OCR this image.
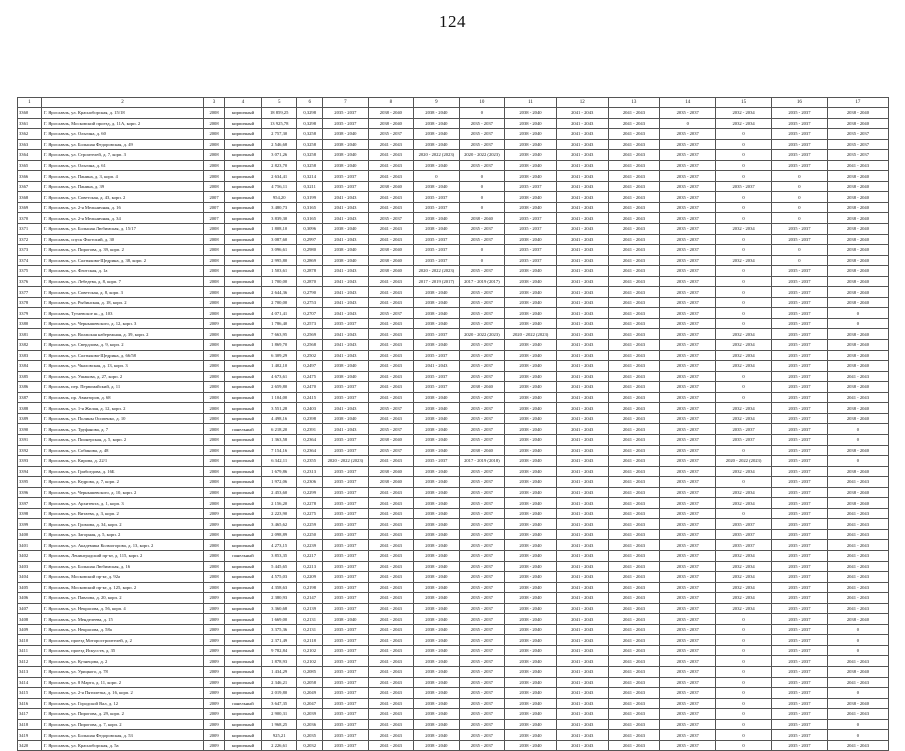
124
1	2	3	4	5	6	7	8	9	10	11	12	13	14	15	16	17
3360	Г. Ярославль, ул. Красноборская, д. 15/18	2008	кирпичный	18 859,25	0,3298	2035 - 2037	2038 - 2040	2038 - 2040	0	2038 - 2040	2041 - 2043	2041 - 2043	2035 - 2037	2032 - 2034	2035 - 2037	2038 - 2040
3361	Г. Ярославль, Московский проезд, д. 11А, корп. 2	2008	кирпичный	13 925,78	0,3298	2035 - 2037	2038 - 2040	2038 - 2040	2035 - 2037	2038 - 2040	2041 - 2043	2041 - 2043	0	2032 - 2034	2035 - 2037	2038 - 2040
3362	Г. Ярославль, ул. Ольгина, д. 60	2008	кирпичный	2 757,30	0,3258	2038 - 2040	2035 - 2037	2038 - 2040	2035 - 2037	2038 - 2040	2041 - 2043	2041 - 2043	2035 - 2037	0	2035 - 2037	2035 - 2037
3363	Г. Ярославль, ул. Большая Федоровская, д. 49	2008	кирпичный	2 546,68	0,3258	2038 - 2040	2041 - 2043	2038 - 2040	2035 - 2037	2038 - 2040	2041 - 2043	2041 - 2043	2035 - 2037	0	2035 - 2037	2035 - 2037
3364	Г. Ярославль, ул. Строителей, д. 7, корп. 3	2008	кирпичный	3 071,26	0,3258	2038 - 2040	2041 - 2043	2020 - 2022 (2023)	2020 - 2022 (2023)	2038 - 2040	2041 - 2043	2041 - 2043	2035 - 2037	0	2035 - 2037	2035 - 2037
3365	Г. Ярославль, ул. Ольгина, д. 61	2008	кирпичный	2 823,70	0,3258	2038 - 2040	2041 - 2043	2038 - 2040	2035 - 2037	2038 - 2040	2041 - 2043	2041 - 2043	2035 - 2037	0	2035 - 2037	2041 - 2043
3366	Г. Ярославль, ул. Панина, д. 3, корп. 4	2008	кирпичный	2 634,41	0,3214	2035 - 2037	2041 - 2043	0	0	2038 - 2040	2041 - 2043	2041 - 2043	2035 - 2037	0	0	2038 - 2040
3367	Г. Ярославль, ул. Панина, д. 39	2008	кирпичный	4 756,11	0,3211	2035 - 2037	2038 - 2040	2038 - 2040	0	2035 - 2037	2041 - 2043	2041 - 2043	2035 - 2037	2035 - 2037	0	2038 - 2040
3368	Г. Ярославль, ул. Советская, д. 43, корп. 2	2007	кирпичный	954,20	0,3199	2041 - 2043	2041 - 2043	2035 - 2037	0	2038 - 2040	2041 - 2043	2041 - 2043	2035 - 2037	0	0	2038 - 2040
3369	Г. Ярославль, ул. 2-я Мельничная, д. 16	2007	кирпичный	3 480,73	0,3165	2041 - 2043	2041 - 2043	2035 - 2037	0	2038 - 2040	2041 - 2043	2041 - 2043	2035 - 2037	0	0	2038 - 2040
3370	Г. Ярославль, ул. 2-я Мельничная, д. 34	2007	кирпичный	3 839,30	0,3165	2041 - 2043	2035 - 2037	2038 - 2040	2038 - 2040	2035 - 2037	2041 - 2043	2041 - 2043	2035 - 2037	0	0	2038 - 2040
3371	Г. Ярославль, ул. Большая Любимская, д. 15/17	2008	кирпичный	1 808,10	0,3096	2038 - 2040	2041 - 2043	2038 - 2040	2035 - 2037	2035 - 2037	2041 - 2043	2041 - 2043	2035 - 2037	2032 - 2034	2035 - 2037	2038 - 2040
3372	Г. Ярославль, спуск Флотский, д. 30	2008	кирпичный	3 087,60	0,2997	2041 - 2043	2041 - 2043	2035 - 2037	2035 - 2037	2038 - 2040	2041 - 2043	2041 - 2043	2035 - 2037	0	2035 - 2037	2038 - 2040
3373	Г. Ярославль, ул. Пирогова, д. 39, корп. 2	2008	кирпичный	3 096,61	0,2980	2038 - 2040	2038 - 2040	2035 - 2037	0	2035 - 2037	2041 - 2043	2041 - 2043	2035 - 2037	0	0	2038 - 2040
3374	Г. Ярославль, ул. Салтыкова-Щедрина, д. 38, корп. 2	2008	кирпичный	2 995,80	0,2869	2038 - 2040	2038 - 2040	2035 - 2037	0	2035 - 2037	2041 - 2043	2041 - 2043	2035 - 2037	2032 - 2034	0	2038 - 2040
3375	Г. Ярославль, ул. Флотская, д. 1а	2008	кирпичный	1 503,61	0,2878	2041 - 2043	2038 - 2040	2020 - 2022 (2023)	2035 - 2037	2038 - 2040	2041 - 2043	2041 - 2043	2035 - 2037	0	2035 - 2037	2038 - 2040
3376	Г. Ярославль, ул. Лебедева, д. 8, корп. 7	2008	кирпичный	1 700,00	0,2870	2041 - 2043	2041 - 2043	2017 - 2019 (2017)	2017 - 2019 (2017)	2038 - 2040	2041 - 2043	2041 - 2043	2035 - 2037	0	2035 - 2037	2038 - 2040
3377	Г. Ярославль, ул. Советская, д. 8, корп. 3	2008	кирпичный	2 644,36	0,2790	2041 - 2043	2041 - 2043	2038 - 2040	2035 - 2037	2038 - 2040	2041 - 2043	2041 - 2043	2035 - 2037	0	2035 - 2037	2038 - 2040
3378	Г. Ярославль, ул. Рыбинская, д. 18, корп. 2	2008	кирпичный	2 700,00	0,2753	2041 - 2043	2041 - 2043	2038 - 2040	2035 - 2037	2038 - 2040	2041 - 2043	2041 - 2043	2035 - 2037	0	2035 - 2037	2038 - 2040
3379	Г. Ярославль, Тутаевское ш., д. 103	2008	кирпичный	4 071,41	0,2707	2041 - 2043	2035 - 2037	2038 - 2040	2035 - 2037	2038 - 2040	2041 - 2043	2041 - 2043	2035 - 2037	0	2035 - 2037	0
3380	Г. Ярославль, ул. Чернышевского, д. 12, корп. 3	2009	кирпичный	1 786,40	0,2573	2035 - 2037	2041 - 2043	2038 - 2040	2035 - 2037	2038 - 2040	2041 - 2043	2041 - 2043	2035 - 2037	0	2035 - 2037	0
3381	Г. Ярославль, ул. Волжская набережная, д. 39, корп. 2	2008	кирпичный	7 663,95	0,2569	2041 - 2043	2041 - 2043	2035 - 2037	2020 - 2022 (2023)	2020 - 2022 (2023)	2041 - 2043	2041 - 2043	2035 - 2037	2032 - 2034	2035 - 2037	2038 - 2040
3382	Г. Ярославль, ул. Свердлова, д. 9, корп. 2	2008	кирпичный	1 869,70	0,2568	2041 - 2043	2041 - 2043	2038 - 2040	2035 - 2037	2038 - 2040	2041 - 2043	2041 - 2043	2035 - 2037	2032 - 2034	2035 - 2037	2038 - 2040
3383	Г. Ярославль, ул. Салтыкова-Щедрина, д. 66/58	2008	кирпичный	6 309,29	0,2502	2041 - 2043	2041 - 2043	2035 - 2037	2035 - 2037	2038 - 2040	2041 - 2043	2041 - 2043	2035 - 2037	2032 - 2034	2035 - 2037	2038 - 2040
3384	Г. Ярославль, ул. Чкаловская, д. 13, корп. 3	2008	кирпичный	1 402,10	0,2497	2038 - 2040	2041 - 2043	2041 - 2043	2035 - 2037	2038 - 2040	2041 - 2043	2041 - 2043	2035 - 2037	2032 - 2034	2035 - 2037	2038 - 2040
3385	Г. Ярославль, ул. Ушакова, д. 27, корп. 2	2008	кирпичный	4 673,61	0,2475	2038 - 2040	2041 - 2043	2035 - 2037	2035 - 2037	2038 - 2040	2041 - 2043	2041 - 2043	2035 - 2037	0	2035 - 2037	2041 - 2043
3386	Г. Ярославль, пер. Первомайский, д. 11	2008	кирпичный	2 659,80	0,2470	2035 - 2037	2041 - 2043	2035 - 2037	2038 - 2040	2038 - 2040	2041 - 2043	2041 - 2043	2035 - 2037	0	2035 - 2037	2038 - 2040
3387	Г. Ярославль, пр. Авиаторов, д. 68	2008	кирпичный	1 104,00	0,2415	2035 - 2037	2041 - 2043	2038 - 2040	2035 - 2037	2038 - 2040	2041 - 2043	2041 - 2043	2035 - 2037	0	2035 - 2037	2041 - 2043
3388	Г. Ярославль, ул. 1-я Жилая, д. 12, корп. 2	2008	кирпичный	3 551,28	0,2403	2041 - 2043	2035 - 2037	2038 - 2040	2035 - 2037	2038 - 2040	2041 - 2043	2041 - 2043	2035 - 2037	2032 - 2034	2035 - 2037	2038 - 2040
3389	Г. Ярославль, ул. Полины Осипенко, д. 10	2008	кирпичный	4 498,16	0,2398	2038 - 2040	2041 - 2043	2038 - 2040	2035 - 2037	2038 - 2040	2041 - 2043	2041 - 2043	2035 - 2037	2032 - 2034	2035 - 2037	2038 - 2040
3390	Г. Ярославль, ул. Труфанова, д. 7	2008	панельный	6 218,20	0,2391	2041 - 2043	2035 - 2037	2038 - 2040	2035 - 2037	2038 - 2040	2041 - 2043	2041 - 2043	2035 - 2037	2035 - 2037	2035 - 2037	0
3391	Г. Ярославль, ул. Пионерская, д. 5, корп. 2	2008	кирпичный	1 363,58	0,2364	2035 - 2037	2038 - 2040	2038 - 2040	2035 - 2037	2038 - 2040	2041 - 2043	2041 - 2043	2035 - 2037	2035 - 2037	2035 - 2037	0
3392	Г. Ярославль, ул. Собинова, д. 48	2008	кирпичный	7 154,16	0,2364	2035 - 2037	2035 - 2037	2038 - 2040	2038 - 2040	2038 - 2040	2041 - 2043	2041 - 2043	2035 - 2037	0	2035 - 2037	2038 - 2040
3393	Г. Ярославль, ул. Кирова, д. 22/1	2008	кирпичный	6 342,11	0,2355	2020 - 2022 (2023)	2041 - 2043	2035 - 2037	2017 - 2019 (2018)	2038 - 2040	2041 - 2043	2041 - 2043	2035 - 2037	2020 - 2022 (2023)	2035 - 2037	0
3394	Г. Ярославль, ул. Грибоедова, д. 16Б	2008	кирпичный	1 679,86	0,2313	2035 - 2037	2038 - 2040	2038 - 2040	2035 - 2037	2038 - 2040	2041 - 2043	2041 - 2043	2035 - 2037	2032 - 2034	2035 - 2037	2038 - 2040
3395	Г. Ярославль, ул. Кедрова, д. 7, корп. 2	2008	кирпичный	1 972,06	0,2306	2035 - 2037	2038 - 2040	2038 - 2040	2035 - 2037	2038 - 2040	2041 - 2043	2041 - 2043	2035 - 2037	0	2035 - 2037	2041 - 2043
3396	Г. Ярославль, ул. Чернышевского, д. 10, корп. 2	2008	кирпичный	2 453,60	0,2299	2035 - 2037	2041 - 2043	2038 - 2040	2035 - 2037	2038 - 2040	2041 - 2043	2041 - 2043	2035 - 2037	2032 - 2034	2035 - 2037	2038 - 2040
3397	Г. Ярославль, ул. Архитекта, д. 1, корп. 3	2008	кирпичный	2 156,20	0,2278	2035 - 2037	2041 - 2043	2038 - 2040	2035 - 2037	2038 - 2040	2041 - 2043	2041 - 2043	2035 - 2037	2032 - 2034	2035 - 2037	2038 - 2040
3398	Г. Ярославль, ул. Витаева, д. 3, корп. 2	2009	кирпичный	2 223,90	0,2275	2035 - 2037	2041 - 2043	2038 - 2040	2035 - 2037	2038 - 2040	2041 - 2043	2041 - 2043	2035 - 2037	0	2035 - 2037	2041 - 2043
3399	Г. Ярославль, ул. Громова, д. 34, корп. 2	2009	кирпичный	3 465,62	0,2259	2035 - 2037	2041 - 2043	2038 - 2040	2035 - 2037	2038 - 2040	2041 - 2043	2041 - 2043	2035 - 2037	2035 - 2037	2035 - 2037	2041 - 2043
3400	Г. Ярославль, ул. Загорная, д. 5, корп. 2	2008	кирпичный	2 098,89	0,2250	2035 - 2037	2041 - 2043	2038 - 2040	2035 - 2037	2038 - 2040	2041 - 2043	2041 - 2043	2035 - 2037	2035 - 2037	2035 - 2037	2041 - 2043
3401	Г. Ярославль, ул. Академика Колмогорова, д. 13, корп. 2	2008	кирпичный	4 273,15	0,2239	2035 - 2037	2041 - 2043	2038 - 2040	2035 - 2037	2038 - 2040	2041 - 2043	2041 - 2043	2035 - 2037	2035 - 2037	2035 - 2037	2041 - 2043
3402	Г. Ярославль, Ленинградский пр-кт, д. 115, корп. 2	2008	панельный	3 853,35	0,2217	2035 - 2037	2041 - 2043	2038 - 2040	2035 - 2037	2038 - 2040	2041 - 2043	2041 - 2043	2035 - 2037	2032 - 2034	2035 - 2037	2041 - 2043
3403	Г. Ярославль, ул. Большая Любимская, д. 16	2008	кирпичный	5 445,65	0,2213	2035 - 2037	2041 - 2043	2038 - 2040	2035 - 2037	2038 - 2040	2041 - 2043	2041 - 2043	2035 - 2037	2032 - 2034	2035 - 2037	2041 - 2043
3404	Г. Ярославль, Московский пр-кт, д. 92а	2008	кирпичный	4 575,03	0,2209	2035 - 2037	2041 - 2043	2038 - 2040	2035 - 2037	2038 - 2040	2041 - 2043	2041 - 2043	2035 - 2037	2032 - 2034	2035 - 2037	2041 - 2043
3405	Г. Ярославль, Московский пр-кт, д. 125, корп. 2	2008	кирпичный	4 358,63	0,2198	2035 - 2037	2041 - 2043	2038 - 2040	2035 - 2037	2038 - 2040	2041 - 2043	2041 - 2043	2035 - 2037	2032 - 2034	2035 - 2037	2041 - 2043
3406	Г. Ярославль, ул. Павлова, д. 20, корп. 2	2009	кирпичный	2 380,93	0,2147	2035 - 2037	2041 - 2043	2038 - 2040	2035 - 2037	2038 - 2040	2041 - 2043	2041 - 2043	2035 - 2037	2032 - 2034	2035 - 2037	2041 - 2043
3407	Г. Ярославль, ул. Некрасова, д. 56, корп. 4	2009	кирпичный	3 360,68	0,2139	2035 - 2037	2041 - 2043	2038 - 2040	2035 - 2037	2038 - 2040	2041 - 2043	2041 - 2043	2035 - 2037	2032 - 2034	2035 - 2037	2041 - 2043
3408	Г. Ярославль, ул. Менделеева, д. 15	2009	кирпичный	1 669,00	0,2131	2038 - 2040	2041 - 2043	2038 - 2040	2035 - 2037	2038 - 2040	2041 - 2043	2041 - 2043	2035 - 2037	0	2035 - 2037	2038 - 2040
3409	Г. Ярославль, ул. Некрасова, д. 58а	2009	кирпичный	3 375,36	0,2131	2035 - 2037	2041 - 2043	2038 - 2040	2035 - 2037	2038 - 2040	2041 - 2043	2041 - 2043	2035 - 2037	0	2035 - 2037	0
3410	Г. Ярославль, проезд Моторостроителей, д. 2	2009	кирпичный	2 371,49	0,2118	2035 - 2037	2041 - 2043	2038 - 2040	2035 - 2037	2038 - 2040	2041 - 2043	2041 - 2043	2035 - 2037	0	2035 - 2037	0
3411	Г. Ярославль, проезд Искусств, д. 35	2009	кирпичный	9 782,84	0,2102	2035 - 2037	2041 - 2043	2038 - 2040	2035 - 2037	2038 - 2040	2041 - 2043	2041 - 2043	2035 - 2037	0	2035 - 2037	0
3412	Г. Ярославль, ул. Кузнецова, д. 2	2009	кирпичный	1 878,93	0,2102	2035 - 2037	2041 - 2043	2038 - 2040	2035 - 2037	2038 - 2040	2041 - 2043	2041 - 2043	2035 - 2037	0	2035 - 2037	2041 - 2043
3413	Г. Ярославль, ул. Урицкого, д. 78	2009	кирпичный	1 434,29	0,2085	2035 - 2037	2041 - 2043	2038 - 2040	2035 - 2037	2038 - 2040	2041 - 2043	2041 - 2043	2035 - 2037	0	2035 - 2037	2038 - 2040
3414	Г. Ярославль, ул. 8 Марта, д. 11, корп. 2	2009	кирпичный	2 346,21	0,2058	2035 - 2037	2041 - 2043	2038 - 2040	2035 - 2037	2038 - 2040	2041 - 2043	2041 - 2043	2035 - 2037	0	2035 - 2037	2041 - 2043
3415	Г. Ярославль, ул. 2-я Пятилетка, д. 16, корп. 2	2009	кирпичный	2 019,80	0,2049	2035 - 2037	2041 - 2043	2038 - 2040	2035 - 2037	2038 - 2040	2041 - 2043	2041 - 2043	2035 - 2037	0	2035 - 2037	0
3416	Г. Ярославль, ул. Городской Вал, д. 12	2009	панельный	3 647,35	0,2047	2035 - 2037	2041 - 2043	2038 - 2040	2035 - 2037	2038 - 2040	2041 - 2043	2041 - 2043	2035 - 2037	0	2035 - 2037	2038 - 2040
3417	Г. Ярославль, ул. Пирогова, д. 29, корп. 2	2009	кирпичный	2 900,31	0,2039	2035 - 2037	2041 - 2043	2038 - 2040	2035 - 2037	2038 - 2040	2041 - 2043	2041 - 2043	2035 - 2037	0	2035 - 2037	2041 - 2043
3418	Г. Ярославль, ул. Пирогова, д. 7, корп. 2	2009	кирпичный	1 968,25	0,2036	2035 - 2037	2041 - 2043	2038 - 2040	2035 - 2037	2038 - 2040	2041 - 2043	2041 - 2043	2035 - 2037	0	2035 - 2037	0
3419	Г. Ярославль, ул. Большая Федоровская, д. 53	2009	кирпичный	925,21	0,2035	2035 - 2037	2041 - 2043	2038 - 2040	2035 - 2037	2038 - 2040	2041 - 2043	2041 - 2043	2035 - 2037	0	2035 - 2037	0
3420	Г. Ярославль, ул. Красноборская, д. 5а	2009	кирпичный	2 226,61	0,2032	2035 - 2037	2041 - 2043	2038 - 2040	2035 - 2037	2038 - 2040	2041 - 2043	2041 - 2043	2035 - 2037	0	2035 - 2037	2041 - 2043
